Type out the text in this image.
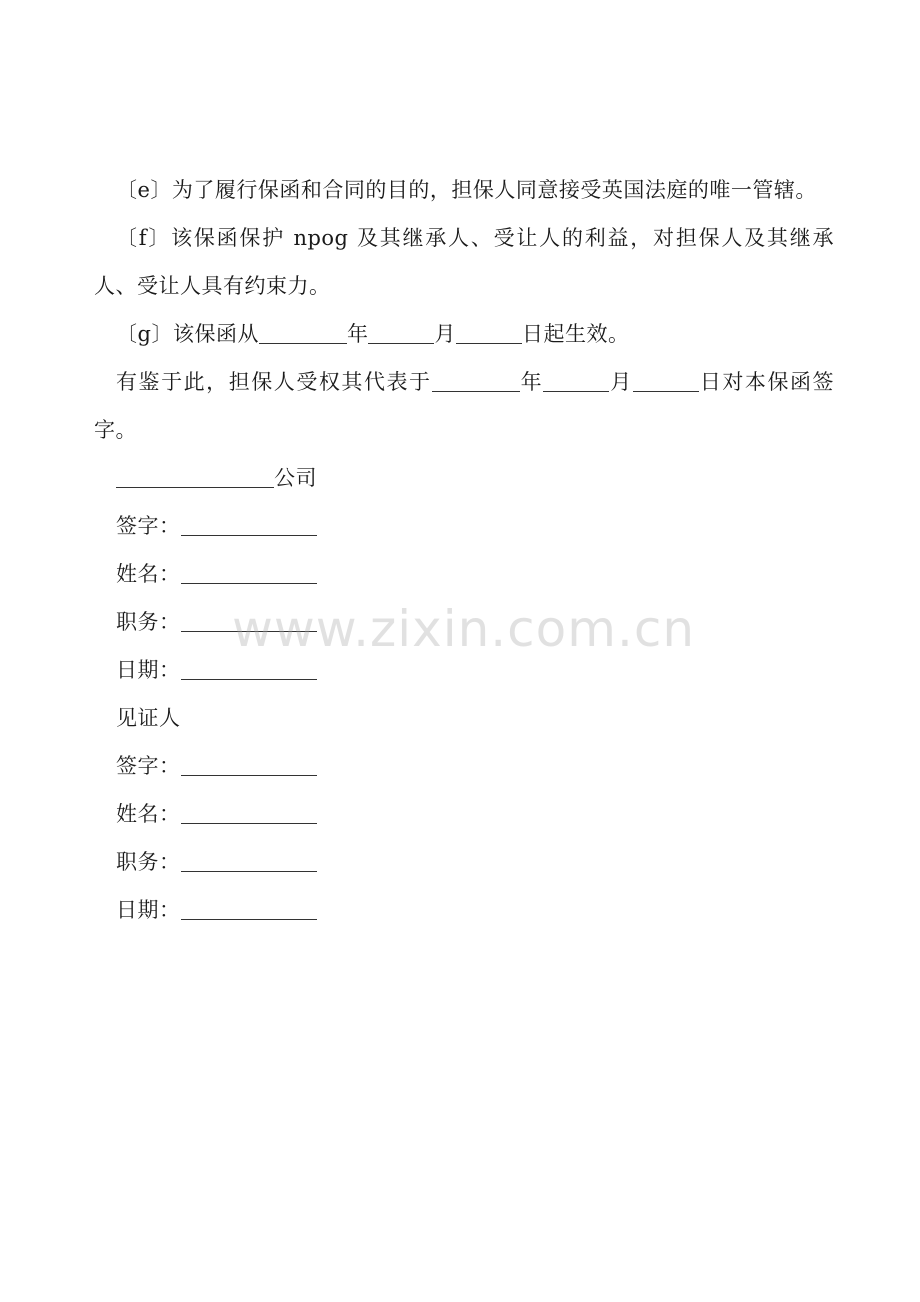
〔e〕为了履行保函和合同的目的，担保人同意接受英国法庭的唯一管辖。

〔f〕该保函保护 npog 及其继承人、受让人的利益，对担保人及其继承人、受让人具有约束力。

〔g〕该保函从	年	月	日起生效。

有鉴于此，担保人受权其代表于	年	月	日对本保函签字。

公司

签字：

姓名：

职务：

日期：

见证人

签字：

姓名：

职务：

日期：

www.zixin.com.cn
